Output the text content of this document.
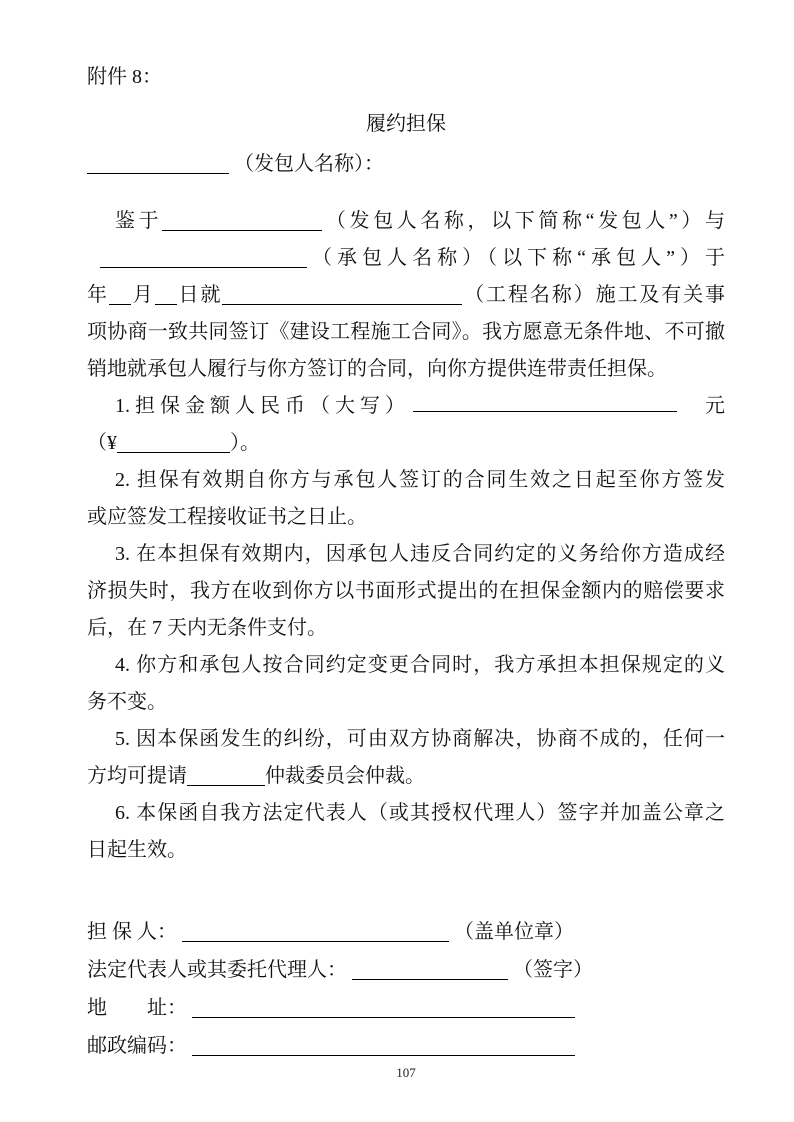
附件 8：
履约担保
（发包人名称）：
鉴于	（发包人名称，以下简称“发包人”）与
（承包人名称）（以下称“承包人”）于
年 月 日就	（工程名称）施工及有关事
项协商一致共同签订《建设工程施工合同》。我方愿意无条件地、不可撤
销地就承包人履行与你方签订的合同，向你方提供连带责任担保。
1. 担 保 金 额 人 民 币 （ 大 写 ）	元
（¥	）。
2. 担保有效期自你方与承包人签订的合同生效之日起至你方签发
或应签发工程接收证书之日止。
3. 在本担保有效期内，因承包人违反合同约定的义务给你方造成经
济损失时，我方在收到你方以书面形式提出的在担保金额内的赔偿要求
后，在 7 天内无条件支付。
4. 你方和承包人按合同约定变更合同时，我方承担本担保规定的义
务不变。
5. 因本保函发生的纠纷，可由双方协商解决，协商不成的，任何一
方均可提请	仲裁委员会仲裁。
6. 本保函自我方法定代表人（或其授权代理人）签字并加盖公章之
日起生效。
担 保 人：	（盖单位章）
法定代表人或其委托代理人：	（签字）
地　　址：
邮政编码：
107
